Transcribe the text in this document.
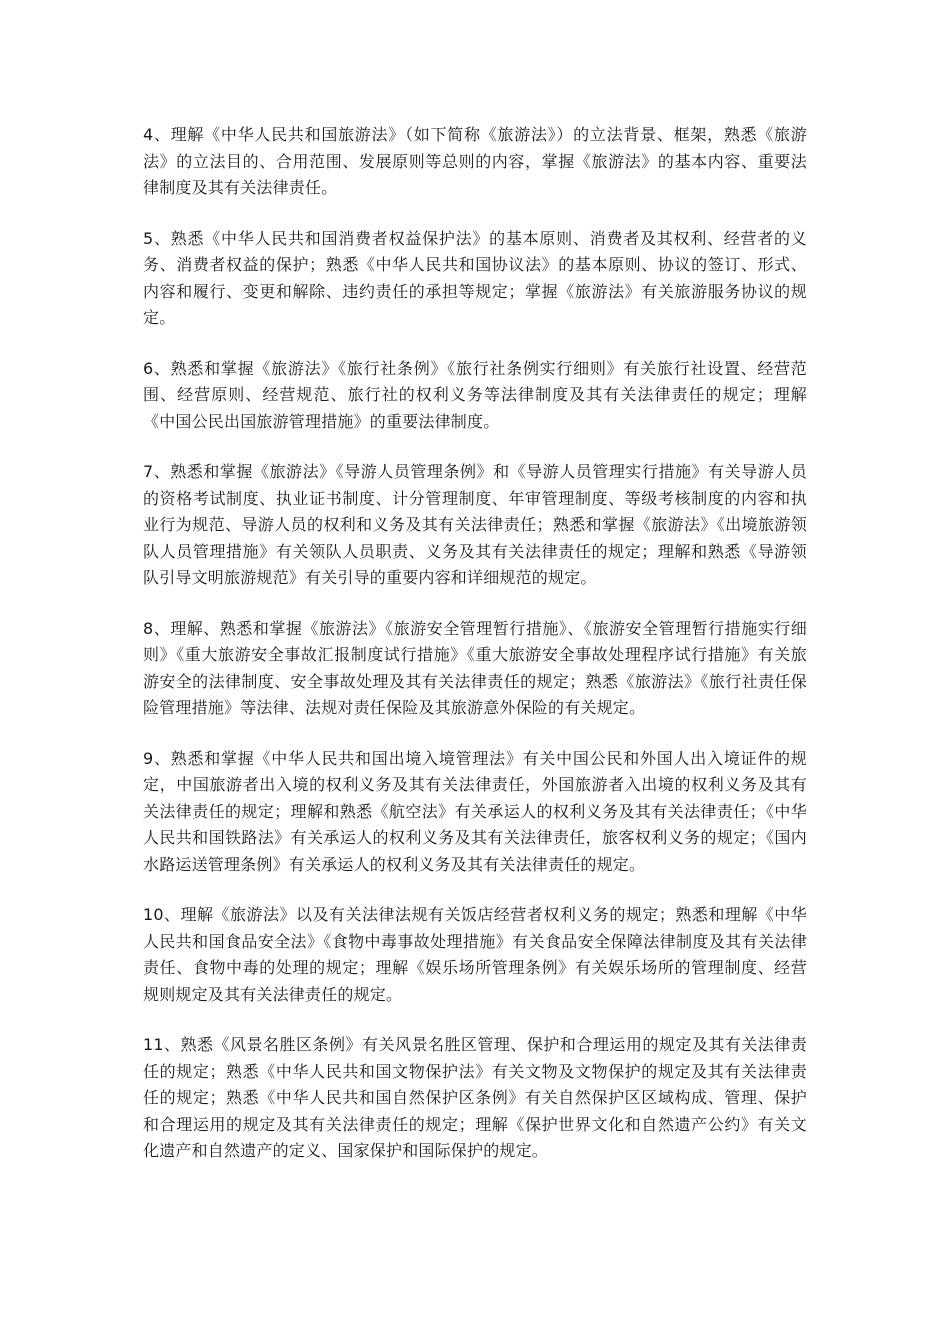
4、理解《中华人民共和国旅游法》（如下简称《旅游法》）的立法背景、框架，熟悉《旅游法》的立法目的、合用范围、发展原则等总则的内容，掌握《旅游法》的基本内容、重要法律制度及其有关法律责任。

5、熟悉《中华人民共和国消费者权益保护法》的基本原则、消费者及其权利、经营者的义务、消费者权益的保护；熟悉《中华人民共和国协议法》的基本原则、协议的签订、形式、内容和履行、变更和解除、违约责任的承担等规定；掌握《旅游法》有关旅游服务协议的规定。

6、熟悉和掌握《旅游法》《旅行社条例》《旅行社条例实行细则》有关旅行社设置、经营范围、经营原则、经营规范、旅行社的权利义务等法律制度及其有关法律责任的规定；理解《中国公民出国旅游管理措施》的重要法律制度。

7、熟悉和掌握《旅游法》《导游人员管理条例》和《导游人员管理实行措施》有关导游人员的资格考试制度、执业证书制度、计分管理制度、年审管理制度、等级考核制度的内容和执业行为规范、导游人员的权利和义务及其有关法律责任；熟悉和掌握《旅游法》《出境旅游领队人员管理措施》有关领队人员职责、义务及其有关法律责任的规定；理解和熟悉《导游领队引导文明旅游规范》有关引导的重要内容和详细规范的规定。

8、理解、熟悉和掌握《旅游法》《旅游安全管理暂行措施》、《旅游安全管理暂行措施实行细则》《重大旅游安全事故汇报制度试行措施》《重大旅游安全事故处理程序试行措施》有关旅游安全的法律制度、安全事故处理及其有关法律责任的规定；熟悉《旅游法》《旅行社责任保险管理措施》等法律、法规对责任保险及其旅游意外保险的有关规定。

9、熟悉和掌握《中华人民共和国出境入境管理法》有关中国公民和外国人出入境证件的规定，中国旅游者出入境的权利义务及其有关法律责任，外国旅游者入出境的权利义务及其有关法律责任的规定；理解和熟悉《航空法》有关承运人的权利义务及其有关法律责任；《中华人民共和国铁路法》有关承运人的权利义务及其有关法律责任，旅客权利义务的规定；《国内水路运送管理条例》有关承运人的权利义务及其有关法律责任的规定。

10、理解《旅游法》以及有关法律法规有关饭店经营者权利义务的规定；熟悉和理解《中华人民共和国食品安全法》《食物中毒事故处理措施》有关食品安全保障法律制度及其有关法律责任、食物中毒的处理的规定；理解《娱乐场所管理条例》有关娱乐场所的管理制度、经营规则规定及其有关法律责任的规定。

11、熟悉《风景名胜区条例》有关风景名胜区管理、保护和合理运用的规定及其有关法律责任的规定；熟悉《中华人民共和国文物保护法》有关文物及文物保护的规定及其有关法律责任的规定；熟悉《中华人民共和国自然保护区条例》有关自然保护区区域构成、管理、保护和合理运用的规定及其有关法律责任的规定；理解《保护世界文化和自然遗产公约》有关文化遗产和自然遗产的定义、国家保护和国际保护的规定。
